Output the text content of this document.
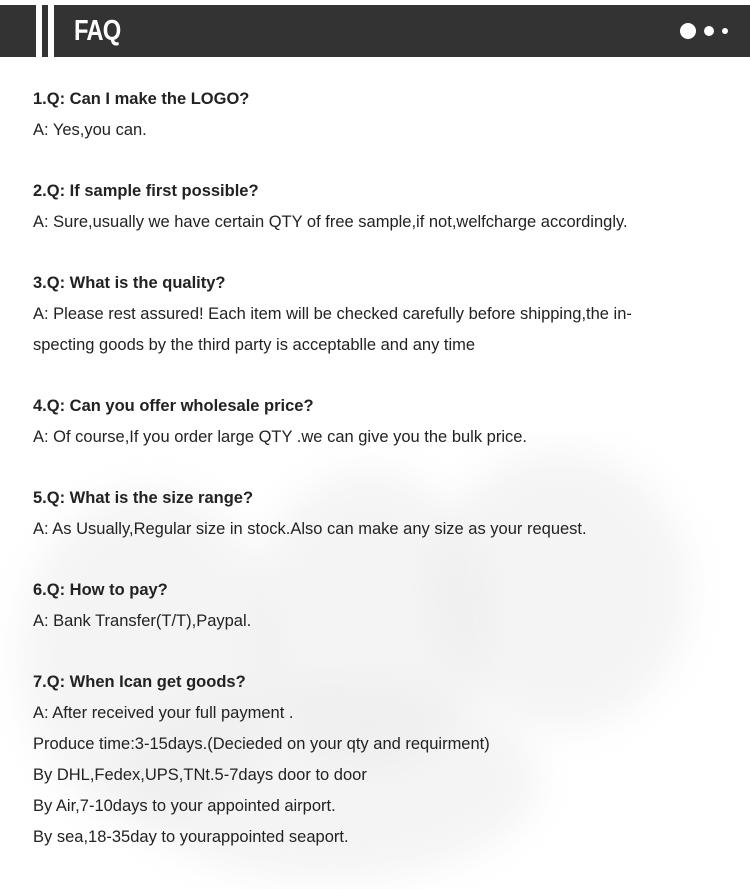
FAQ
1.Q: Can I make the LOGO?
A: Yes,you can.
2.Q: If sample first possible?
A: Sure,usually we have certain QTY of free sample,if not,welfcharge accordingly.
3.Q: What is the quality?
A: Please rest assured! Each item will be checked carefully before shipping,the in-
specting goods by the third party is acceptablle and any time
4.Q: Can you offer wholesale price?
A: Of course,If you order large QTY .we can give you the bulk price.
5.Q: What is the size range?
A: As Usually,Regular size in stock.Also can make any size as your request.
6.Q: How to pay?
A: Bank Transfer(T/T),Paypal.
7.Q: When Ican get goods?
A: After received your full payment .
Produce time:3-15days.(Decieded on your qty and requirment)
By DHL,Fedex,UPS,TNt.5-7days door to door
By Air,7-10days to your appointed airport.
By sea,18-35day to yourappointed seaport.
